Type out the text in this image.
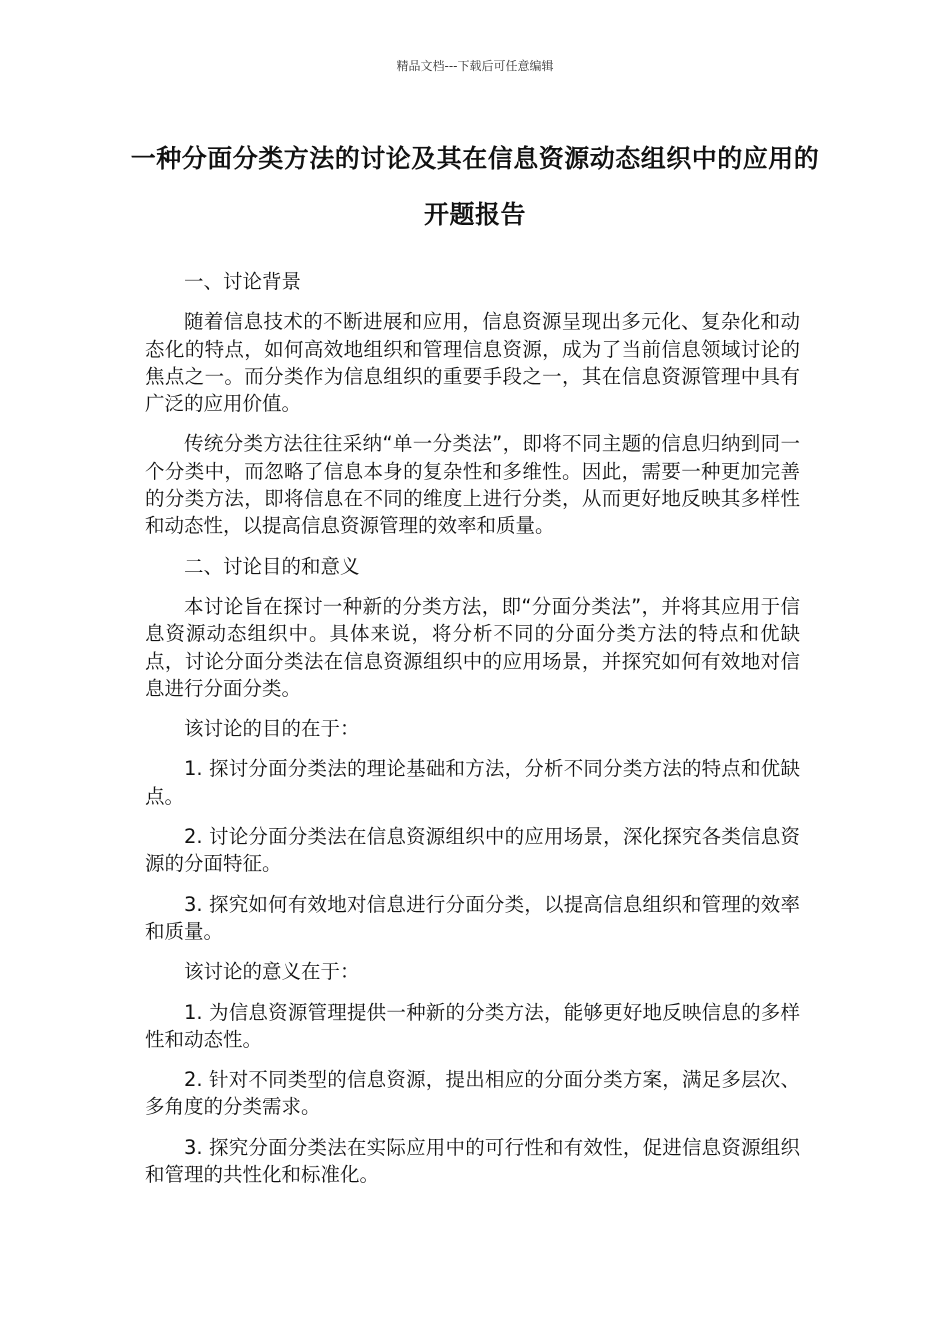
精品文档---下载后可任意编辑
一种分面分类方法的讨论及其在信息资源动态组织中的应用的开题报告

一、讨论背景

随着信息技术的不断进展和应用，信息资源呈现出多元化、复杂化和动态化的特点，如何高效地组织和管理信息资源，成为了当前信息领域讨论的焦点之一。而分类作为信息组织的重要手段之一，其在信息资源管理中具有广泛的应用价值。

传统分类方法往往采纳“单一分类法”，即将不同主题的信息归纳到同一个分类中，而忽略了信息本身的复杂性和多维性。因此，需要一种更加完善的分类方法，即将信息在不同的维度上进行分类，从而更好地反映其多样性和动态性，以提高信息资源管理的效率和质量。

二、讨论目的和意义

本讨论旨在探讨一种新的分类方法，即“分面分类法”，并将其应用于信息资源动态组织中。具体来说，将分析不同的分面分类方法的特点和优缺点，讨论分面分类法在信息资源组织中的应用场景，并探究如何有效地对信息进行分面分类。

该讨论的目的在于：

1. 探讨分面分类法的理论基础和方法，分析不同分类方法的特点和优缺点。

2. 讨论分面分类法在信息资源组织中的应用场景，深化探究各类信息资源的分面特征。

3. 探究如何有效地对信息进行分面分类，以提高信息组织和管理的效率和质量。

该讨论的意义在于：

1. 为信息资源管理提供一种新的分类方法，能够更好地反映信息的多样性和动态性。

2. 针对不同类型的信息资源，提出相应的分面分类方案，满足多层次、多角度的分类需求。

3. 探究分面分类法在实际应用中的可行性和有效性，促进信息资源组织和管理的共性化和标准化。
